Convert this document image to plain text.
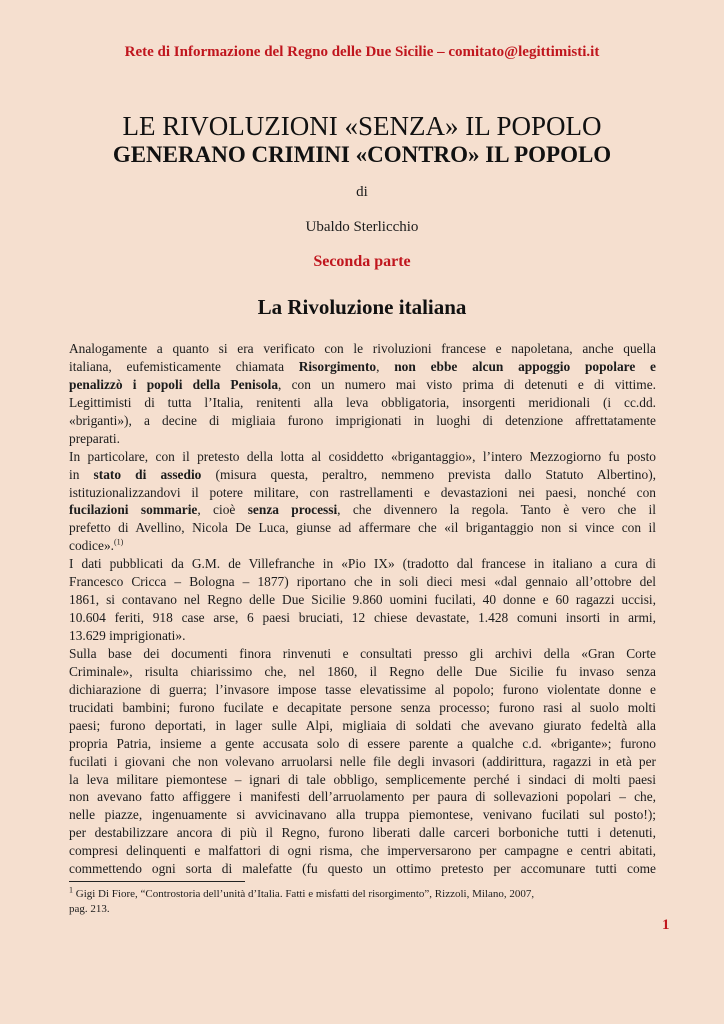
Rete di Informazione del Regno delle Due Sicilie – comitato@legittimisti.it
LE RIVOLUZIONI «SENZA» IL POPOLO
GENERANO CRIMINI «CONTRO» IL POPOLO
di
Ubaldo Sterlicchio
Seconda parte
La Rivoluzione italiana
Analogamente a quanto si era verificato con le rivoluzioni francese e napoletana, anche quella
italiana, eufemisticamente chiamata Risorgimento, non ebbe alcun appoggio popolare e
penalizzò i popoli della Penisola, con un numero mai visto prima di detenuti e di vittime.
Legittimisti di tutta l’Italia, renitenti alla leva obbligatoria, insorgenti meridionali (i cc.dd.
«briganti»), a decine di migliaia furono imprigionati in luoghi di detenzione affrettatamente
preparati.
In particolare, con il pretesto della lotta al cosiddetto «brigantaggio», l’intero Mezzogiorno fu posto
in stato di assedio (misura questa, peraltro, nemmeno prevista dallo Statuto Albertino),
istituzionalizzandovi il potere militare, con rastrellamenti e devastazioni nei paesi, nonché con
fucilazioni sommarie, cioè senza processi, che divennero la regola. Tanto è vero che il
prefetto di Avellino, Nicola De Luca, giunse ad affermare che «il brigantaggio non si vince con il
codice».$^{(1)}$
I dati pubblicati da G.M. de Villefranche in «Pio IX» (tradotto dal francese in italiano a cura di
Francesco Cricca – Bologna – 1877) riportano che in soli dieci mesi «dal gennaio all’ottobre del
1861, si contavano nel Regno delle Due Sicilie 9.860 uomini fucilati, 40 donne e 60 ragazzi uccisi,
10.604 feriti, 918 case arse, 6 paesi bruciati, 12 chiese devastate, 1.428 comuni insorti in armi,
13.629 imprigionati».
Sulla base dei documenti finora rinvenuti e consultati presso gli archivi della «Gran Corte
Criminale», risulta chiarissimo che, nel 1860, il Regno delle Due Sicilie fu invaso senza
dichiarazione di guerra; l’invasore impose tasse elevatissime al popolo; furono violentate donne e
trucidati bambini; furono fucilate e decapitate persone senza processo; furono rasi al suolo molti
paesi; furono deportati, in lager sulle Alpi, migliaia di soldati che avevano giurato fedeltà alla
propria Patria, insieme a gente accusata solo di essere parente a qualche c.d. «brigante»; furono
fucilati i giovani che non volevano arruolarsi nelle file degli invasori (addirittura, ragazzi in età per
la leva militare piemontese – ignari di tale obbligo, semplicemente perché i sindaci di molti paesi
non avevano fatto affiggere i manifesti dell’arruolamento per paura di sollevazioni popolari – che,
nelle piazze, ingenuamente si avvicinavano alla truppa piemontese, venivano fucilati sul posto!);
per destabilizzare ancora di più il Regno, furono liberati dalle carceri borboniche tutti i detenuti,
compresi delinquenti e malfattori di ogni risma, che imperversarono per campagne e centri abitati,
commettendo ogni sorta di malefatte (fu questo un ottimo pretesto per accomunare tutti come
$^1$ Gigi Di Fiore, “Controstoria dell’unità d’Italia. Fatti e misfatti del risorgimento”, Rizzoli, Milano, 2007,
pag. 213.
1
